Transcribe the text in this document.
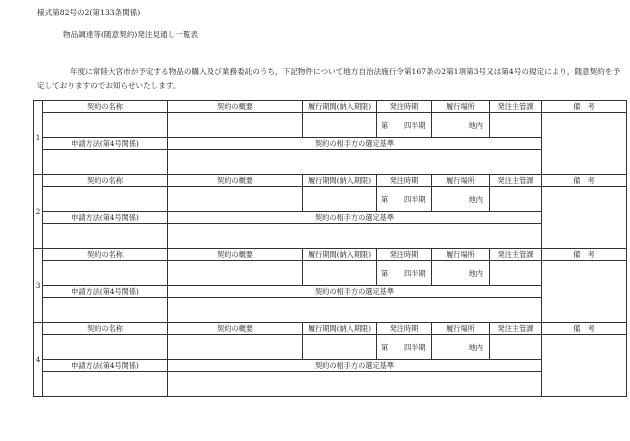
様式第82号の2(第133条関係)
物品調達等(随意契約)発注見通し一覧表

年度に常陸大宮市が予定する物品の購入及び業務委託のうち，下記物件について地方自治法施行令第167条の2第1項第3号又は第4号の規定により，随意契約を予定しておりますのでお知らせいたします。

1	契約の名称	契約の概要	履行期間(納入期限)	発注時期	履行場所	発注主管課	備　考

				第 四半期	地内		

	申請方法(第4号関係)	契約の相手方の選定基準					

2	契約の名称	契約の概要	履行期間(納入期限)	発注時期	履行場所	発注主管課	備　考

				第 四半期	地内		

	申請方法(第4号関係)	契約の相手方の選定基準					

3	契約の名称	契約の概要	履行期間(納入期限)	発注時期	履行場所	発注主管課	備　考

				第 四半期	地内		

	申請方法(第4号関係)	契約の相手方の選定基準					

4	契約の名称	契約の概要	履行期間(納入期限)	発注時期	履行場所	発注主管課	備　考

				第 四半期	地内		

	申請方法(第4号関係)	契約の相手方の選定基準					
